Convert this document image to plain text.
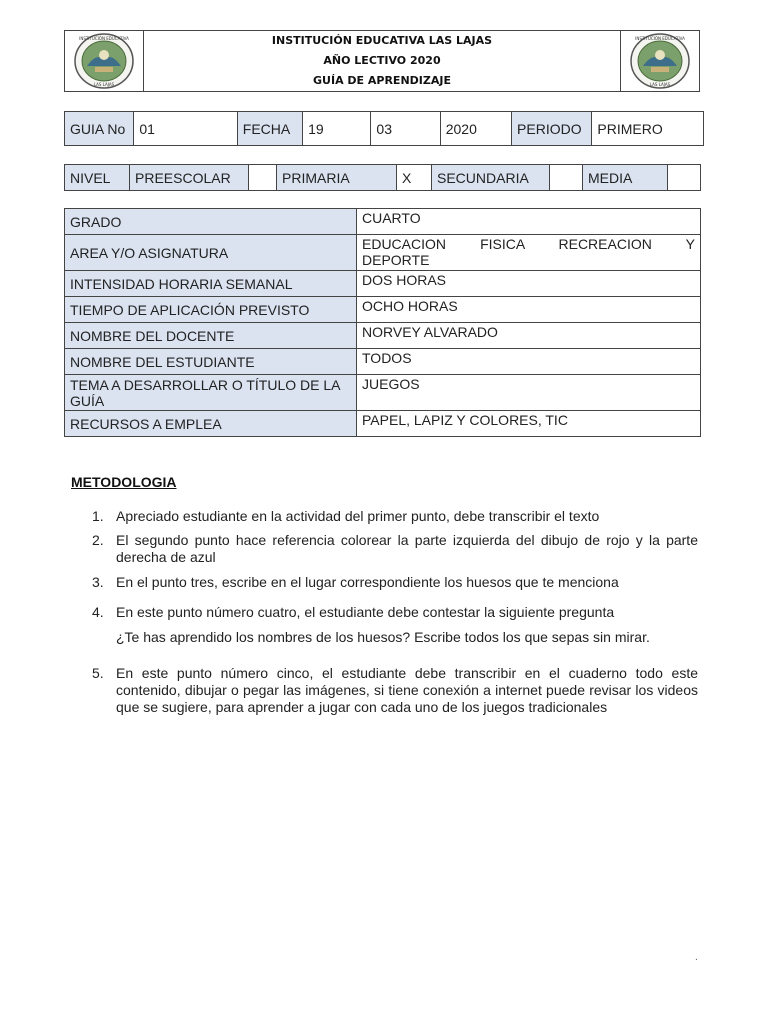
INSTITUCIÓN EDUCATIVA
LAS LAJAS
INSTITUCIÓN EDUCATIVA LAS LAJAS
AÑO LECTIVO 2020
GUÍA DE APRENDIZAJE
INSTITUCIÓN EDUCATIVA
LAS LAJAS
GUIA No	01	FECHA	19	03	2020	PERIODO	PRIMERO
NIVEL	PREESCOLAR		PRIMARIA	X	SECUNDARIA		MEDIA	
GRADO	CUARTO
AREA Y/O ASIGNATURA	EDUCACION FISICA RECREACION Y
DEPORTE

INTENSIDAD HORARIA SEMANAL	DOS HORAS
TIEMPO DE APLICACIÓN PREVISTO	OCHO HORAS
NOMBRE DEL DOCENTE	NORVEY ALVARADO
NOMBRE DEL ESTUDIANTE	TODOS
TEMA A DESARROLLAR O TÍTULO DE LA GUÍA	JUEGOS
RECURSOS A EMPLEA	PAPEL, LAPIZ Y COLORES, TIC
METODOLOGIA
1. Apreciado estudiante en la actividad del primer punto, debe transcribir el texto
2. El segundo punto hace referencia colorear la parte izquierda del dibujo de rojo y la parte derecha de azul
3. En el punto tres, escribe en el lugar correspondiente los huesos que te menciona
4. En este punto número cuatro, el estudiante debe contestar la siguiente pregunta
¿Te has aprendido los nombres de los huesos? Escribe todos los que sepas sin mirar.
5. En este punto número cinco, el estudiante debe transcribir en el cuaderno todo este contenido, dibujar o pegar las imágenes, si tiene conexión a internet puede revisar los videos que se sugiere, para aprender a jugar con cada uno de los juegos tradicionales
.
